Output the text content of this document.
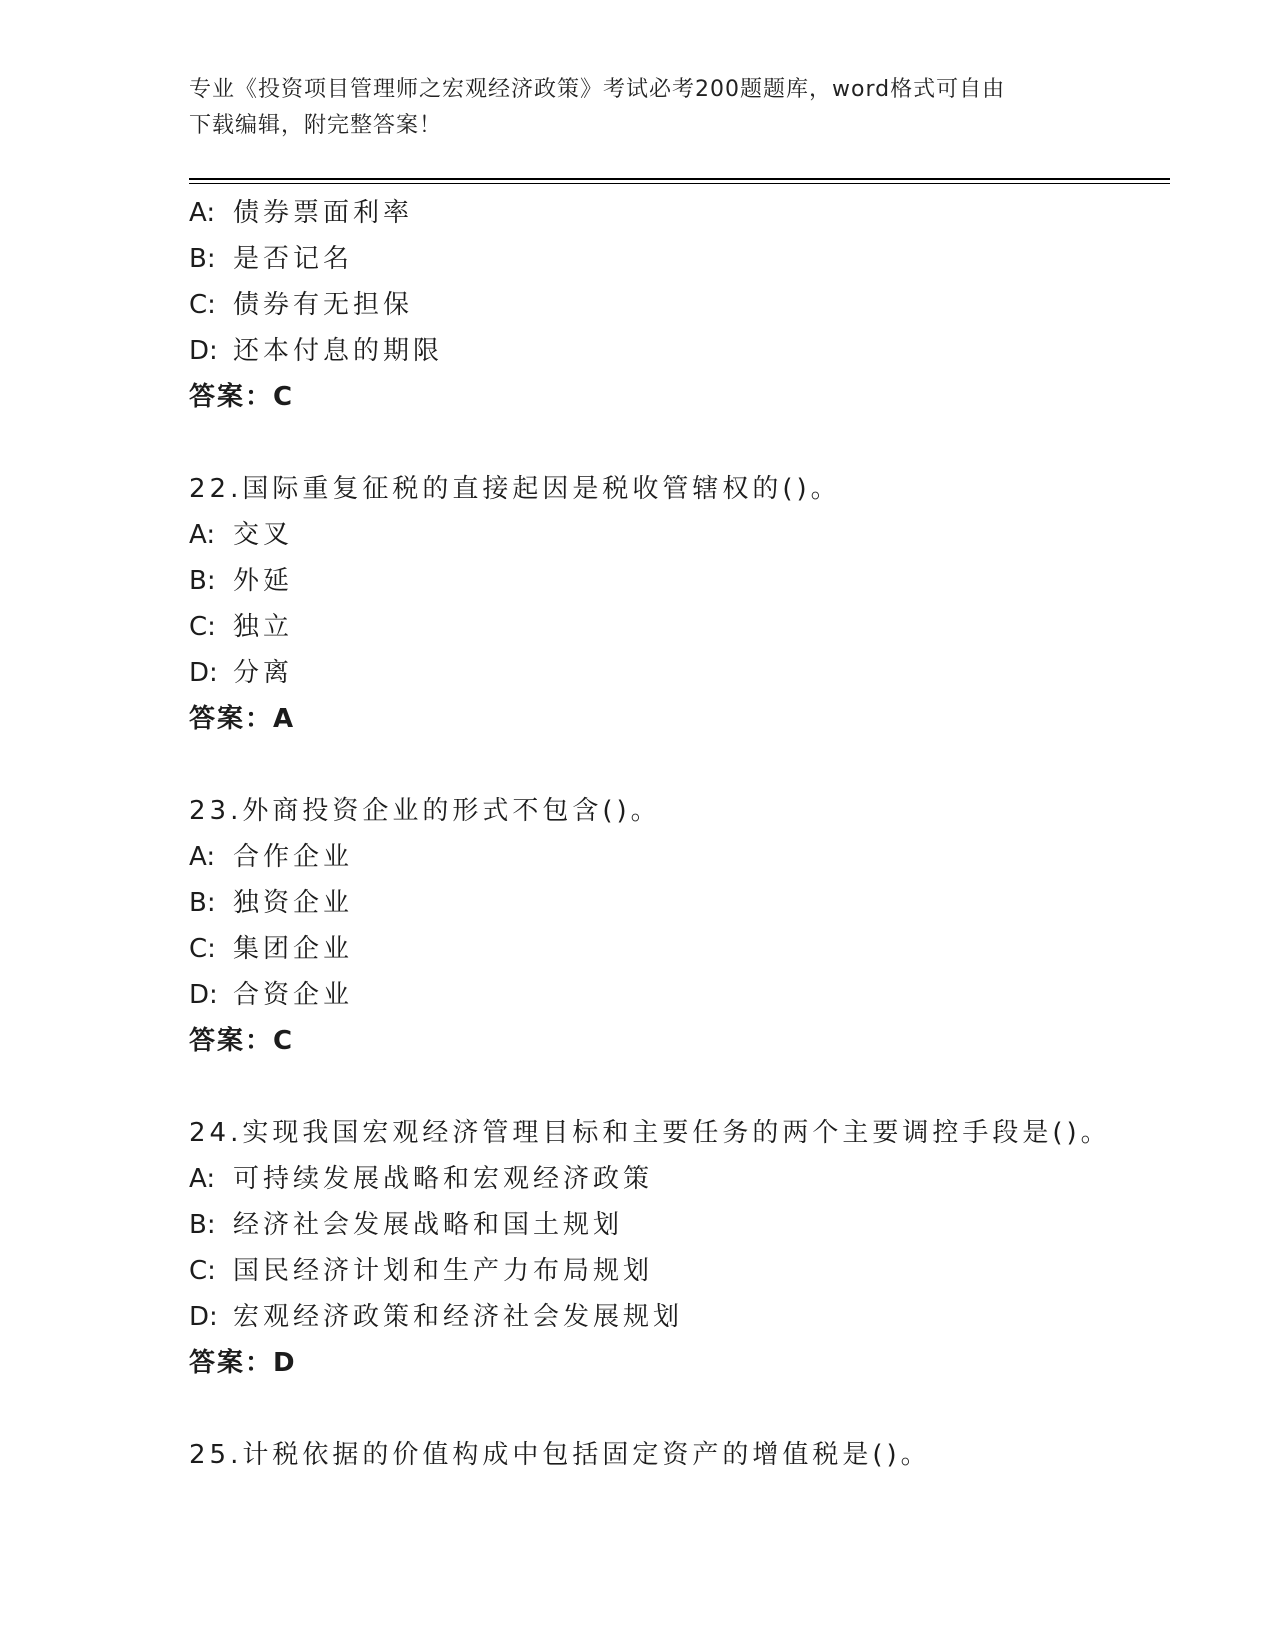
专业《投资项目管理师之宏观经济政策》考试必考200题题库，word格式可自由
下载编辑，附完整答案！
A: 债券票面利率
B: 是否记名
C: 债券有无担保
D: 还本付息的期限
答案：C
22.国际重复征税的直接起因是税收管辖权的()。
A: 交叉
B: 外延
C: 独立
D: 分离
答案：A
23.外商投资企业的形式不包含()。
A: 合作企业
B: 独资企业
C: 集团企业
D: 合资企业
答案：C
24.实现我国宏观经济管理目标和主要任务的两个主要调控手段是()。
A: 可持续发展战略和宏观经济政策
B: 经济社会发展战略和国土规划
C: 国民经济计划和生产力布局规划
D: 宏观经济政策和经济社会发展规划
答案：D
25.计税依据的价值构成中包括固定资产的增值税是()。
